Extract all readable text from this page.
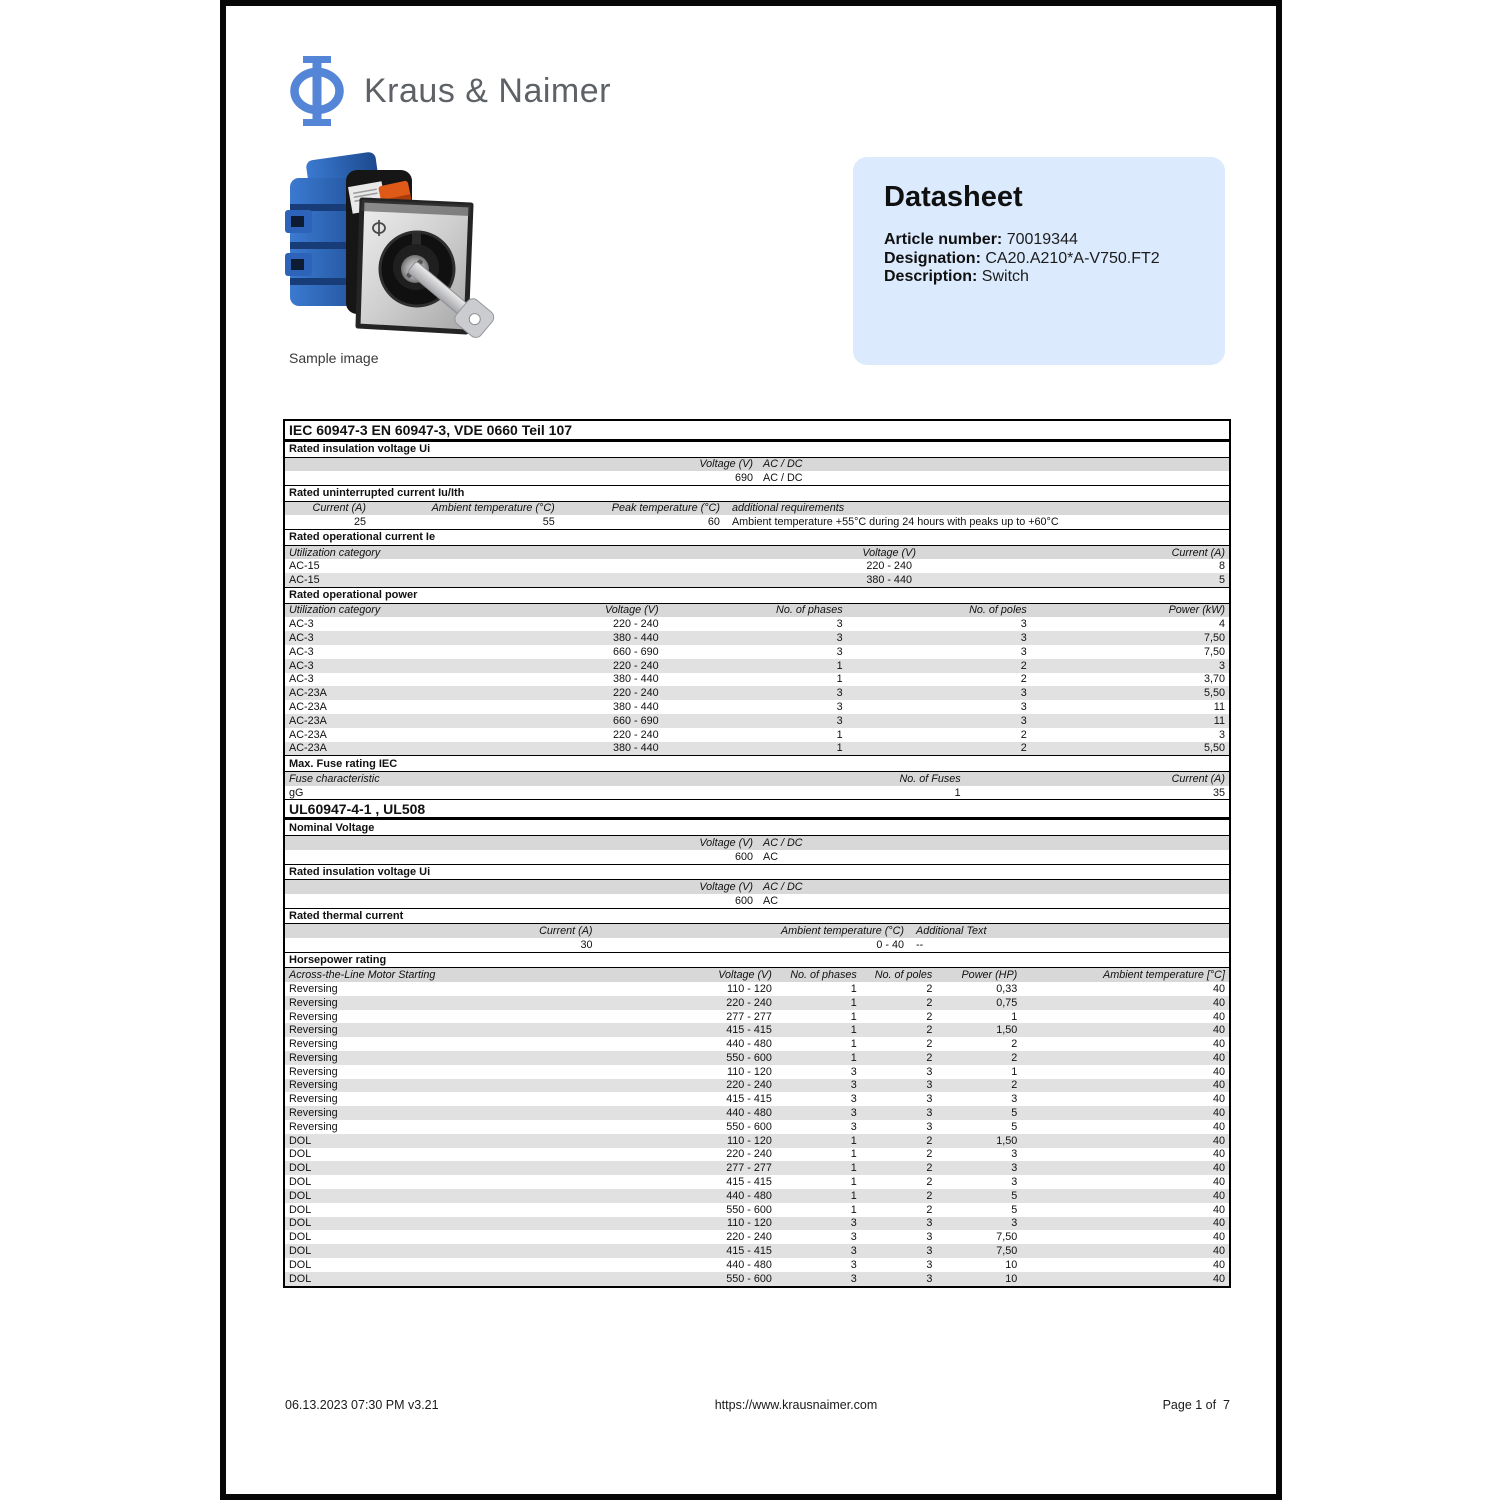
Kraus & Naimer
Sample image
Datasheet
Article number: 70019344
Designation: CA20.A210*A-V750.FT2
Description: Switch
IEC 60947-3 EN 60947-3, VDE 0660 Teil 107
Rated insulation voltage Ui
Voltage (V) AC / DC
690 AC / DC
Rated uninterrupted current Iu/Ith
Current (A)	Ambient temperature (°C)	Peak temperature (°C)	additional requirements
25	55	60	Ambient temperature +55°C during 24 hours with peaks up to +60°C
Rated operational current Ie
Utilization category	Voltage (V)	Current (A)
AC-15	220 - 240	8
AC-15	380 - 440	5
Rated operational power
Utilization category	Voltage (V)	No. of phases	No. of poles	Power (kW)
AC-3	220 - 240	3	3	4
AC-3	380 - 440	3	3	7,50
AC-3	660 - 690	3	3	7,50
AC-3	220 - 240	1	2	3
AC-3	380 - 440	1	2	3,70
AC-23A	220 - 240	3	3	5,50
AC-23A	380 - 440	3	3	11
AC-23A	660 - 690	3	3	11
AC-23A	220 - 240	1	2	3
AC-23A	380 - 440	1	2	5,50
Max. Fuse rating IEC
Fuse characteristic	No. of Fuses	Current (A)
gG	1	35
UL60947-4-1 , UL508
Nominal Voltage
Voltage (V) AC / DC
600 AC
Rated insulation voltage Ui
Voltage (V) AC / DC
600 AC
Rated thermal current
Current (A)	Ambient temperature (°C)	Additional Text
30	0 - 40	--
Horsepower rating
Across-the-Line Motor Starting	Voltage (V)	No. of phases	No. of poles	Power (HP)	Ambient temperature [°C]
Reversing	110 - 120	1	2	0,33	40
Reversing	220 - 240	1	2	0,75	40
Reversing	277 - 277	1	2	1	40
Reversing	415 - 415	1	2	1,50	40
Reversing	440 - 480	1	2	2	40
Reversing	550 - 600	1	2	2	40
Reversing	110 - 120	3	3	1	40
Reversing	220 - 240	3	3	2	40
Reversing	415 - 415	3	3	3	40
Reversing	440 - 480	3	3	5	40
Reversing	550 - 600	3	3	5	40
DOL	110 - 120	1	2	1,50	40
DOL	220 - 240	1	2	3	40
DOL	277 - 277	1	2	3	40
DOL	415 - 415	1	2	3	40
DOL	440 - 480	1	2	5	40
DOL	550 - 600	1	2	5	40
DOL	110 - 120	3	3	3	40
DOL	220 - 240	3	3	7,50	40
DOL	415 - 415	3	3	7,50	40
DOL	440 - 480	3	3	10	40
DOL	550 - 600	3	3	10	40
06.13.2023 07:30 PM v3.21	https://www.krausnaimer.com	Page 1 of  7
